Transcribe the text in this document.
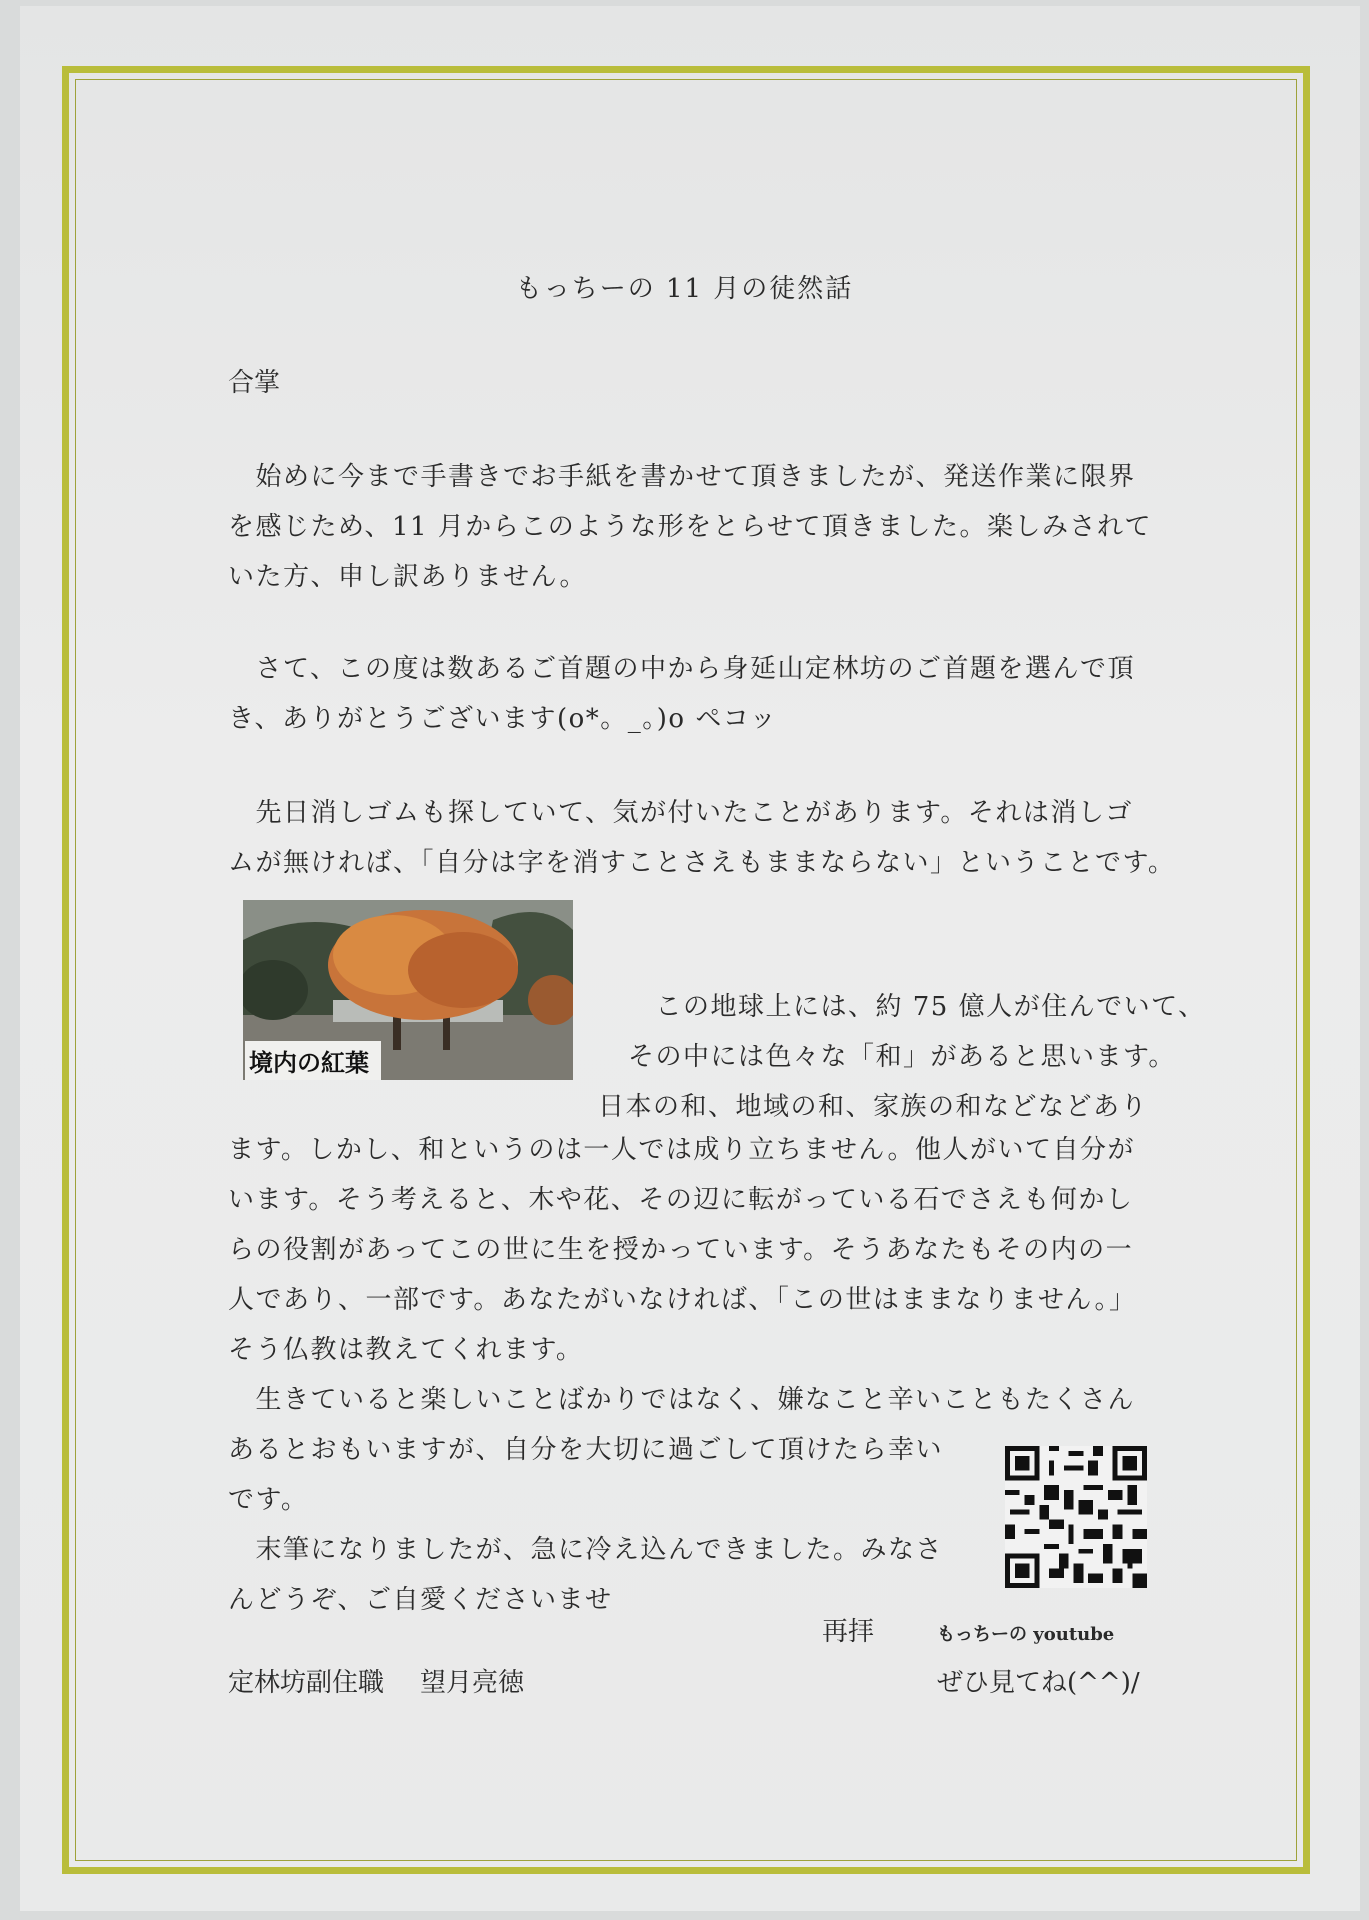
もっちーの 11 月の徒然話
合掌
　始めに今まで手書きでお手紙を書かせて頂きましたが、発送作業に限界
を感じため、11 月からこのような形をとらせて頂きました。楽しみされて
いた方、申し訳ありません。
　さて、この度は数あるご首題の中から身延山定林坊のご首題を選んで頂
き、ありがとうございます(o*。_。)o ペコッ
　先日消しゴムも探していて、気が付いたことがあります。それは消しゴ
ムが無ければ、「自分は字を消すことさえもままならない」ということです。
境内の紅葉
　この地球上には、約 75 億人が住んでいて、
その中には色々な「和」があると思います。
日本の和、地域の和、家族の和などなどあり
ます。しかし、和というのは一人では成り立ちません。他人がいて自分が
います。そう考えると、木や花、その辺に転がっている石でさえも何かし
らの役割があってこの世に生を授かっています。そうあなたもその内の一
人であり、一部です。あなたがいなければ、「この世はままなりません。」
そう仏教は教えてくれます。
　生きていると楽しいことばかりではなく、嫌なこと辛いこともたくさん
あるとおもいますが、自分を大切に過ごして頂けたら幸い
です。
　末筆になりましたが、急に冷え込んできました。みなさ
んどうぞ、ご自愛くださいませ
再拝	もっちーの youtube
定林坊副住職 望月亮徳	ぜひ見てね(^^)/
